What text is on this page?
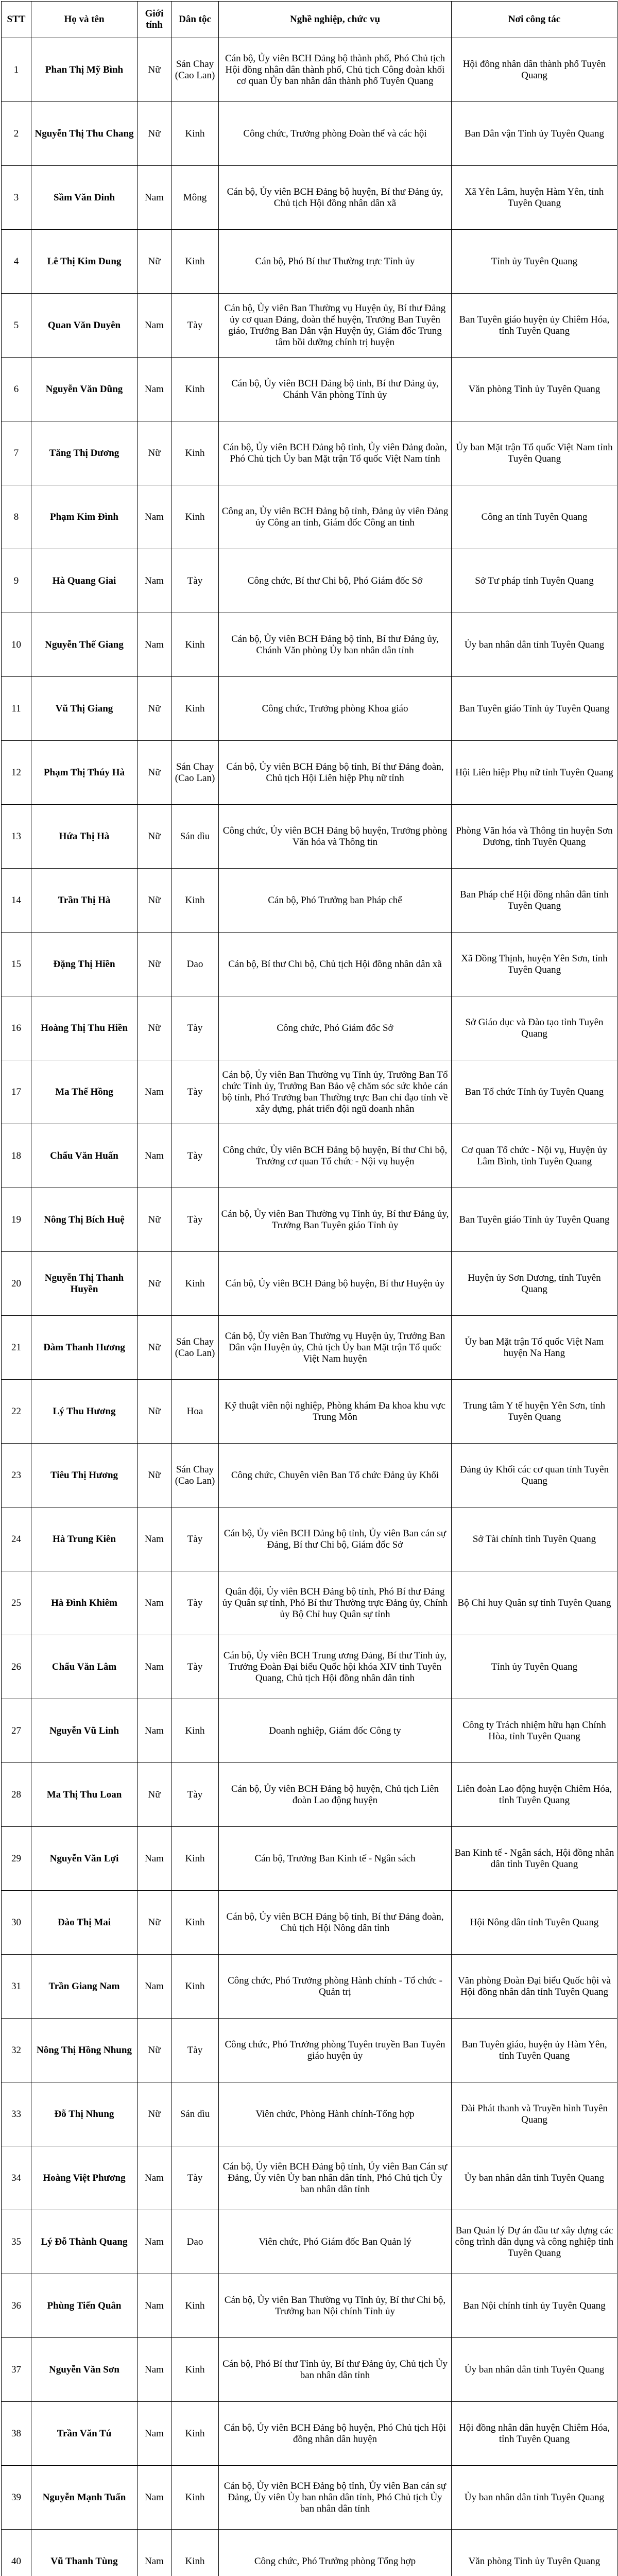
STT	Họ và tên	Giới tính	Dân tộc	Nghề nghiệp, chức vụ	Nơi công tác
1	Phan Thị Mỹ Bình	Nữ	Sán Chay (Cao Lan)	Cán bộ, Ủy viên BCH Đảng bộ thành phố, Phó Chủ tịch Hội đồng nhân dân thành phố, Chủ tịch Công đoàn khối cơ quan Ủy ban nhân dân thành phố Tuyên Quang	Hội đồng nhân dân thành phố Tuyên Quang
2	Nguyễn Thị Thu Chang	Nữ	Kinh	Công chức, Trưởng phòng Đoàn thể và các hội	Ban Dân vận Tỉnh ủy Tuyên Quang
3	Sầm Văn Dinh	Nam	Mông	Cán bộ, Ủy viên BCH Đảng bộ huyện, Bí thư Đảng ủy, Chủ tịch Hội đồng nhân dân xã	Xã Yên Lâm, huyện Hàm Yên, tỉnh Tuyên Quang
4	Lê Thị Kim Dung	Nữ	Kinh	Cán bộ, Phó Bí thư Thường trực Tỉnh ủy	Tỉnh ủy Tuyên Quang
5	Quan Văn Duyên	Nam	Tày	Cán bộ, Ủy viên Ban Thường vụ Huyện ủy, Bí thư Đảng ủy cơ quan Đảng, đoàn thể huyện, Trưởng Ban Tuyên giáo, Trưởng Ban Dân vận Huyện ủy, Giám đốc Trung tâm bồi dưỡng chính trị huyện	Ban Tuyên giáo huyện ủy Chiêm Hóa, tỉnh Tuyên Quang
6	Nguyễn Văn Dũng	Nam	Kinh	Cán bộ, Ủy viên BCH Đảng bộ tỉnh, Bí thư Đảng ủy, Chánh Văn phòng Tỉnh ủy	Văn phòng Tỉnh ủy Tuyên Quang
7	Tăng Thị Dương	Nữ	Kinh	Cán bộ, Ủy viên BCH Đảng bộ tỉnh, Ủy viên Đảng đoàn, Phó Chủ tịch Ủy ban Mặt trận Tổ quốc Việt Nam tỉnh	Ủy ban Mặt trận Tổ quốc Việt Nam tỉnh Tuyên Quang
8	Phạm Kim Đình	Nam	Kinh	Công an, Ủy viên BCH Đảng bộ tỉnh, Đảng ủy viên Đảng ủy Công an tỉnh, Giám đốc Công an tỉnh	Công an tỉnh Tuyên Quang
9	Hà Quang Giai	Nam	Tày	Công chức, Bí thư Chi bộ, Phó Giám đốc Sở	Sở Tư pháp tỉnh Tuyên Quang
10	Nguyễn Thế Giang	Nam	Kinh	Cán bộ, Ủy viên BCH Đảng bộ tỉnh, Bí thư Đảng ủy, Chánh Văn phòng Ủy ban nhân dân tỉnh	Ủy ban nhân dân tỉnh Tuyên Quang
11	Vũ Thị Giang	Nữ	Kinh	Công chức, Trưởng phòng Khoa giáo	Ban Tuyên giáo Tỉnh ủy Tuyên Quang
12	Phạm Thị Thúy Hà	Nữ	Sán Chay (Cao Lan)	Cán bộ, Ủy viên BCH Đảng bộ tỉnh, Bí thư Đảng đoàn, Chủ tịch Hội Liên hiệp Phụ nữ tỉnh	Hội Liên hiệp Phụ nữ tỉnh Tuyên Quang
13	Hứa Thị Hà	Nữ	Sán dìu	Công chức, Ủy viên BCH Đảng bộ huyện, Trưởng phòng Văn hóa và Thông tin	Phòng Văn hóa và Thông tin huyện Sơn Dương, tỉnh Tuyên Quang
14	Trần Thị Hà	Nữ	Kinh	Cán bộ, Phó Trưởng ban Pháp chế	Ban Pháp chế Hội đồng nhân dân tỉnh Tuyên Quang
15	Đặng Thị Hiền	Nữ	Dao	Cán bộ, Bí thư Chi bộ, Chủ tịch Hội đồng nhân dân xã	Xã Đồng Thịnh, huyện Yên Sơn, tỉnh Tuyên Quang
16	Hoàng Thị Thu Hiền	Nữ	Tày	Công chức, Phó Giám đốc Sở	Sở Giáo dục và Đào tạo tỉnh Tuyên Quang
17	Ma Thế Hồng	Nam	Tày	Cán bộ, Ủy viên Ban Thường vụ Tỉnh ủy, Trưởng Ban Tổ chức Tỉnh ủy, Trưởng Ban Bảo vệ chăm sóc sức khỏe cán bộ tỉnh, Phó Trưởng ban Thường trực Ban chỉ đạo tỉnh về xây dựng, phát triển đội ngũ doanh nhân	Ban Tổ chức Tỉnh ủy Tuyên Quang
18	Chẩu Văn Huấn	Nam	Tày	Công chức, Ủy viên BCH Đảng bộ huyện, Bí thư Chi bộ, Trưởng cơ quan Tổ chức - Nội vụ huyện	Cơ quan Tổ chức - Nội vụ, Huyện ủy Lâm Bình, tỉnh Tuyên Quang
19	Nông Thị Bích Huệ	Nữ	Tày	Cán bộ, Ủy viên Ban Thường vụ Tỉnh ủy, Bí thư Đảng ủy, Trưởng Ban Tuyên giáo Tỉnh ủy	Ban Tuyên giáo Tỉnh ủy Tuyên Quang
20	Nguyễn Thị Thanh Huyền	Nữ	Kinh	Cán bộ, Ủy viên BCH Đảng bộ huyện, Bí thư Huyện ủy	Huyện ủy Sơn Dương, tỉnh Tuyên Quang
21	Đàm Thanh Hương	Nữ	Sán Chay (Cao Lan)	Cán bộ, Ủy viên Ban Thường vụ Huyện ủy, Trưởng Ban Dân vận Huyện ủy, Chủ tịch Ủy ban Mặt trận Tổ quốc Việt Nam huyện	Ủy ban Mặt trận Tổ quốc Việt Nam huyện Na Hang
22	Lý Thu Hương	Nữ	Hoa	Kỹ thuật viên nội nghiệp, Phòng khám Đa khoa khu vực Trung Môn	Trung tâm Y tế huyện Yên Sơn, tỉnh Tuyên Quang
23	Tiêu Thị Hương	Nữ	Sán Chay (Cao Lan)	Công chức, Chuyên viên Ban Tổ chức Đảng ủy Khối	Đảng ủy Khối các cơ quan tỉnh Tuyên Quang
24	Hà Trung Kiên	Nam	Tày	Cán bộ, Ủy viên BCH Đảng bộ tỉnh, Ủy viên Ban cán sự Đảng, Bí thư Chi bộ, Giám đốc Sở	Sở Tài chính tỉnh Tuyên Quang
25	Hà Đình Khiêm	Nam	Tày	Quân đội, Ủy viên BCH Đảng bộ tỉnh, Phó Bí thư Đảng ủy Quân sự tỉnh, Phó Bí thư Thường trực Đảng ủy, Chính ủy Bộ Chỉ huy Quân sự tỉnh	Bộ Chỉ huy Quân sự tỉnh Tuyên Quang
26	Chẩu Văn Lâm	Nam	Tày	Cán bộ, Ủy viên BCH Trung ương Đảng, Bí thư Tỉnh ủy, Trưởng Đoàn Đại biểu Quốc hội khóa XIV tỉnh Tuyên Quang, Chủ tịch Hội đồng nhân dân tỉnh	Tỉnh ủy Tuyên Quang
27	Nguyễn Vũ Linh	Nam	Kinh	Doanh nghiệp, Giám đốc Công ty	Công ty Trách nhiệm hữu hạn Chính Hòa, tỉnh Tuyên Quang
28	Ma Thị Thu Loan	Nữ	Tày	Cán bộ, Ủy viên BCH Đảng bộ huyện, Chủ tịch Liên đoàn Lao động huyện	Liên đoàn Lao động huyện Chiêm Hóa, tỉnh Tuyên Quang
29	Nguyễn Văn Lợi	Nam	Kinh	Cán bộ, Trưởng Ban Kinh tế - Ngân sách	Ban Kinh tế - Ngân sách, Hội đồng nhân dân tỉnh Tuyên Quang
30	Đào Thị Mai	Nữ	Kinh	Cán bộ, Ủy viên BCH Đảng bộ tỉnh, Bí thư Đảng đoàn, Chủ tịch Hội Nông dân tỉnh	Hội Nông dân tỉnh Tuyên Quang
31	Trần Giang Nam	Nam	Kinh	Công chức, Phó Trưởng phòng Hành chính - Tổ chức - Quản trị	Văn phòng Đoàn Đại biểu Quốc hội và Hội đồng nhân dân tỉnh Tuyên Quang
32	Nông Thị Hồng Nhung	Nữ	Tày	Công chức, Phó Trưởng phòng Tuyên truyền Ban Tuyên giáo huyện ủy	Ban Tuyên giáo, huyện ủy Hàm Yên, tỉnh Tuyên Quang
33	Đỗ Thị Nhung	Nữ	Sán dìu	Viên chức, Phòng Hành chính-Tổng hợp	Đài Phát thanh và Truyền hình Tuyên Quang
34	Hoàng Việt Phương	Nam	Tày	Cán bộ, Ủy viên BCH Đảng bộ tỉnh, Ủy viên Ban Cán sự Đảng, Ủy viên Ủy ban nhân dân tỉnh, Phó Chủ tịch Ủy ban nhân dân tỉnh	Ủy ban nhân dân tỉnh Tuyên Quang
35	Lý Đỗ Thành Quang	Nam	Dao	Viên chức, Phó Giám đốc Ban Quản lý	Ban Quản lý Dự án đầu tư xây dựng các công trình dân dụng và công nghiệp tỉnh Tuyên Quang
36	Phùng Tiến Quân	Nam	Kinh	Cán bộ, Ủy viên Ban Thường vụ Tỉnh ủy, Bí thư Chi bộ, Trưởng ban Nội chính Tỉnh ủy	Ban Nội chính tỉnh ủy Tuyên Quang
37	Nguyễn Văn Sơn	Nam	Kinh	Cán bộ, Phó Bí thư Tỉnh ủy, Bí thư Đảng ủy, Chủ tịch Ủy ban nhân dân tỉnh	Ủy ban nhân dân tỉnh Tuyên Quang
38	Trần Văn Tú	Nam	Kinh	Cán bộ, Ủy viên BCH Đảng bộ huyện, Phó Chủ tịch Hội đồng nhân dân huyện	Hội đồng nhân dân huyện Chiêm Hóa, tỉnh Tuyên Quang
39	Nguyễn Mạnh Tuấn	Nam	Kinh	Cán bộ, Ủy viên BCH Đảng bộ tỉnh, Ủy viên Ban cán sự Đảng, Ủy viên Ủy ban nhân dân tỉnh, Phó Chủ tịch Ủy ban nhân dân tỉnh	Ủy ban nhân dân tỉnh Tuyên Quang
40	Vũ Thanh Tùng	Nam	Kinh	Công chức, Phó Trưởng phòng Tổng hợp	Văn phòng Tỉnh ủy Tuyên Quang
